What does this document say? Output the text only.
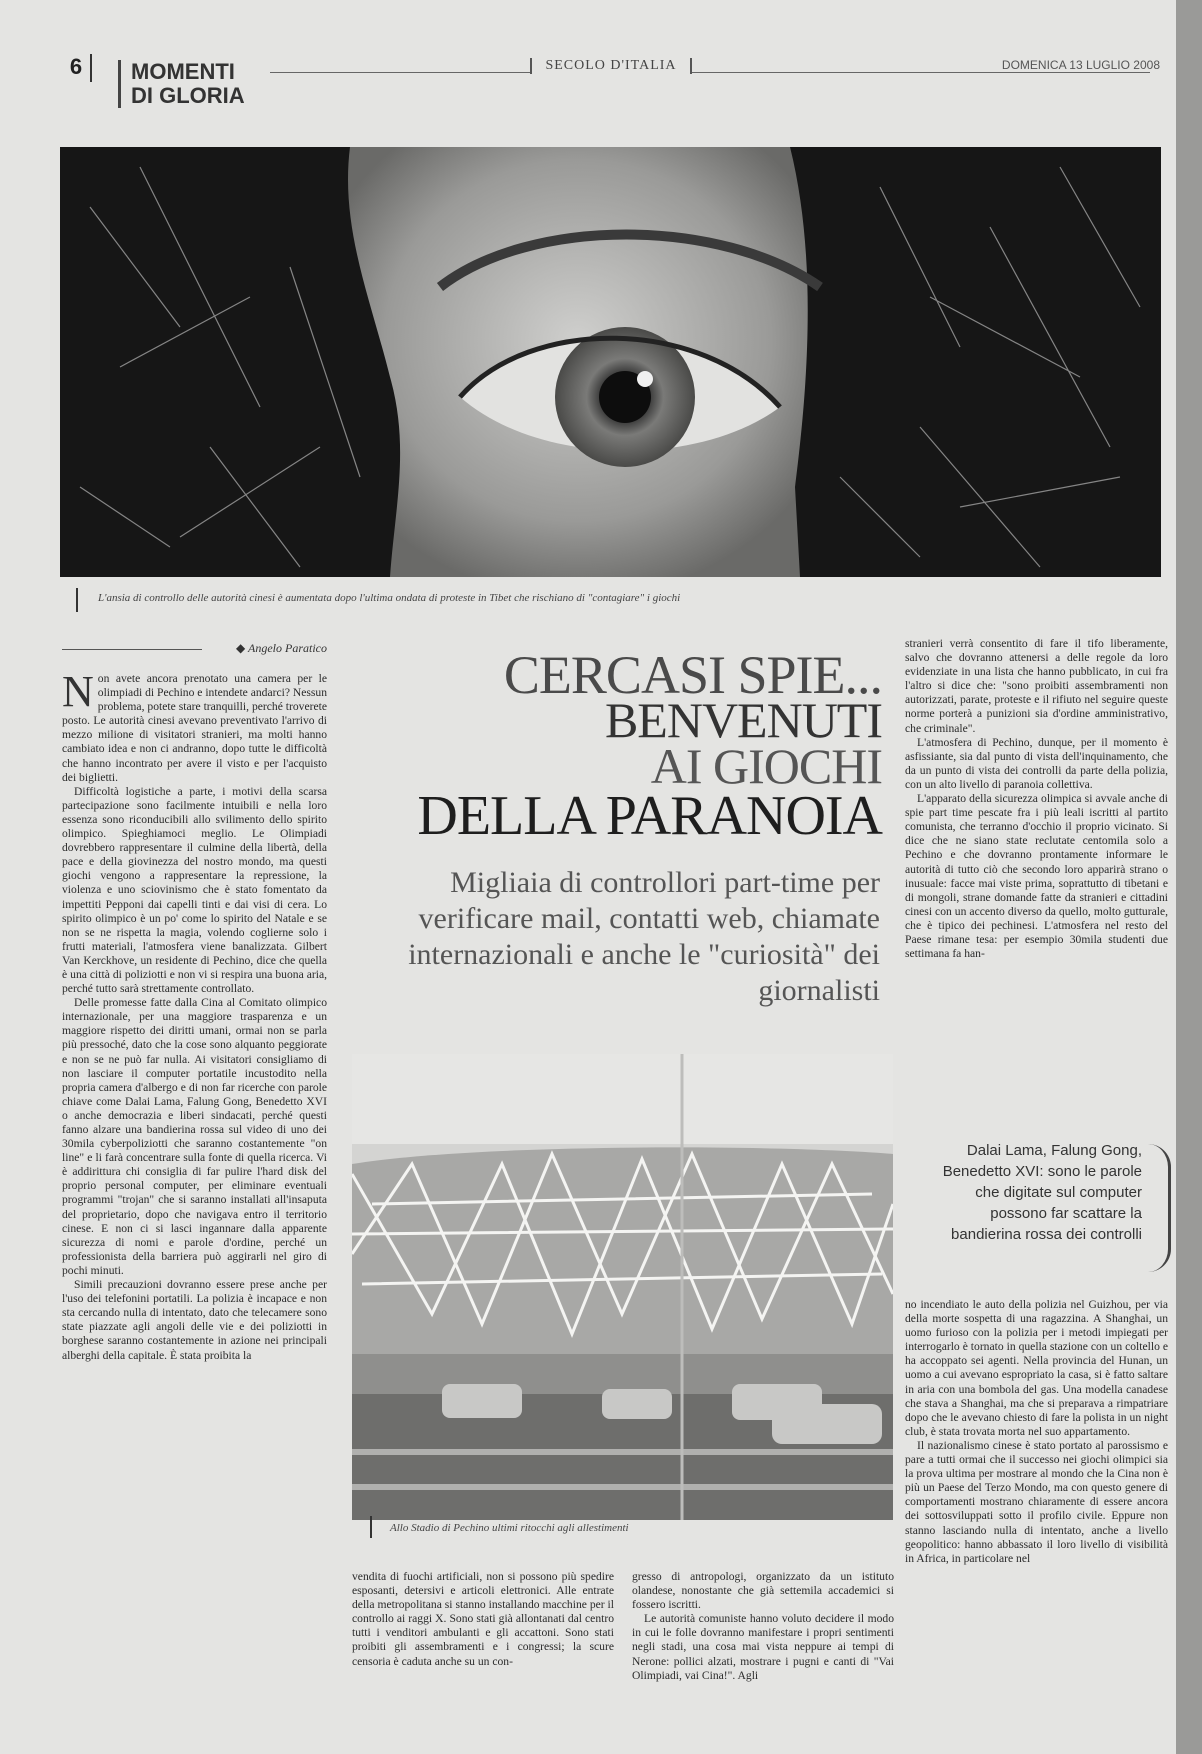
6	MOMENTI
DI GLORIA
SECOLO D'ITALIA	DOMENICA 13 LUGLIO 2008
L'ansia di controllo delle autorità cinesi è aumentata dopo l'ultima ondata di proteste in Tibet che rischiano di "contagiare" i giochi
◆ Angelo Paratico
N on avete ancora prenotato una camera per le olimpiadi di Pechino e intendete andarci? Nessun problema, potete stare tranquilli, perché troverete posto. Le autorità cinesi avevano preventivato l'arrivo di mezzo milione di visitatori stranieri, ma molti hanno cambiato idea e non ci andranno, dopo tutte le difficoltà che hanno incontrato per avere il visto e per l'acquisto dei biglietti.

Difficoltà logistiche a parte, i motivi della scarsa partecipazione sono facilmente intuibili e nella loro essenza sono riconducibili allo svilimento dello spirito olimpico. Spieghiamoci meglio. Le Olimpiadi dovrebbero rappresentare il culmine della libertà, della pace e della giovinezza del nostro mondo, ma questi giochi vengono a rappresentare la repressione, la violenza e uno sciovinismo che è stato fomentato da impettiti Pepponi dai capelli tinti e dai visi di cera. Lo spirito olimpico è un po' come lo spirito del Natale e se non se ne rispetta la magia, volendo coglierne solo i frutti materiali, l'atmosfera viene banalizzata. Gilbert Van Kerckhove, un residente di Pechino, dice che quella è una città di poliziotti e non vi si respira una buona aria, perché tutto sarà strettamente controllato.

Delle promesse fatte dalla Cina al Comitato olimpico internazionale, per una maggiore trasparenza e un maggiore rispetto dei diritti umani, ormai non se parla più pressoché, dato che la cose sono alquanto peggiorate e non se ne può far nulla. Ai visitatori consigliamo di non lasciare il computer portatile incustodito nella propria camera d'albergo e di non far ricerche con parole chiave come Dalai Lama, Falung Gong, Benedetto XVI o anche democrazia e liberi sindacati, perché questi fanno alzare una bandierina rossa sul video di uno dei 30mila cyberpoliziotti che saranno costantemente "on line" e li farà concentrare sulla fonte di quella ricerca. Vi è addirittura chi consiglia di far pulire l'hard disk del proprio personal computer, per eliminare eventuali programmi "trojan" che si saranno installati all'insaputa del proprietario, dopo che navigava entro il territorio cinese. E non ci si lasci ingannare dalla apparente sicurezza di nomi e parole d'ordine, perché un professionista della barriera può aggirarli nel giro di pochi minuti.

Simili precauzioni dovranno essere prese anche per l'uso dei telefonini portatili. La polizia è incapace e non sta cercando nulla di intentato, dato che telecamere sono state piazzate agli angoli delle vie e dei poliziotti in borghese saranno costantemente in azione nei principali alberghi della capitale. È stata proibita la

CERCASI SPIE...
BENVENUTI
AI GIOCHI
DELLA PARANOIA
Migliaia di controllori part-time per verificare mail, contatti web, chiamate internazionali e anche le "curiosità" dei giornalisti
Allo Stadio di Pechino ultimi ritocchi agli allestimenti

vendita di fuochi artificiali, non si possono più spedire esposanti, detersivi e articoli elettronici. Alle entrate della metropolitana si stanno installando macchine per il controllo ai raggi X. Sono stati già allontanati dal centro tutti i venditori ambulanti e gli accattoni. Sono stati proibiti gli assembramenti e i congressi; la scure censoria è caduta anche su un con-

gresso di antropologi, organizzato da un istituto olandese, nonostante che già settemila accademici si fossero iscritti.

Le autorità comuniste hanno voluto decidere il modo in cui le folle dovranno manifestare i propri sentimenti negli stadi, una cosa mai vista neppure ai tempi di Nerone: pollici alzati, mostrare i pugni e canti di "Vai Olimpiadi, vai Cina!". Agli

stranieri verrà consentito di fare il tifo liberamente, salvo che dovranno attenersi a delle regole da loro evidenziate in una lista che hanno pubblicato, in cui fra l'altro si dice che: "sono proibiti assembramenti non autorizzati, parate, proteste e il rifiuto nel seguire queste norme porterà a punizioni sia d'ordine amministrativo, che criminale".

L'atmosfera di Pechino, dunque, per il momento è asfissiante, sia dal punto di vista dell'inquinamento, che da un punto di vista dei controlli da parte della polizia, con un alto livello di paranoia collettiva.

L'apparato della sicurezza olimpica si avvale anche di spie part time pescate fra i più leali iscritti al partito comunista, che terranno d'occhio il proprio vicinato. Si dice che ne siano state reclutate centomila solo a Pechino e che dovranno prontamente informare le autorità di tutto ciò che secondo loro apparirà strano o inusuale: facce mai viste prima, soprattutto di tibetani e di mongoli, strane domande fatte da stranieri e cittadini cinesi con un accento diverso da quello, molto gutturale, che è tipico dei pechinesi. L'atmosfera nel resto del Paese rimane tesa: per esempio 30mila studenti due settimana fa han-

Dalai Lama, Falung Gong, Benedetto XVI: sono le parole che digitate sul computer possono far scattare la bandierina rossa dei controlli

no incendiato le auto della polizia nel Guizhou, per via della morte sospetta di una ragazzina. A Shanghai, un uomo furioso con la polizia per i metodi impiegati per interrogarlo è tornato in quella stazione con un coltello e ha accoppato sei agenti. Nella provincia del Hunan, un uomo a cui avevano espropriato la casa, si è fatto saltare in aria con una bombola del gas. Una modella canadese che stava a Shanghai, ma che si preparava a rimpatriare dopo che le avevano chiesto di fare la polista in un night club, è stata trovata morta nel suo appartamento.

Il nazionalismo cinese è stato portato al parossismo e pare a tutti ormai che il successo nei giochi olimpici sia la prova ultima per mostrare al mondo che la Cina non è più un Paese del Terzo Mondo, ma con questo genere di comportamenti mostrano chiaramente di essere ancora dei sottosviluppati sotto il profilo civile. Eppure non stanno lasciando nulla di intentato, anche a livello geopolitico: hanno abbassato il loro livello di visibilità in Africa, in particolare nel
